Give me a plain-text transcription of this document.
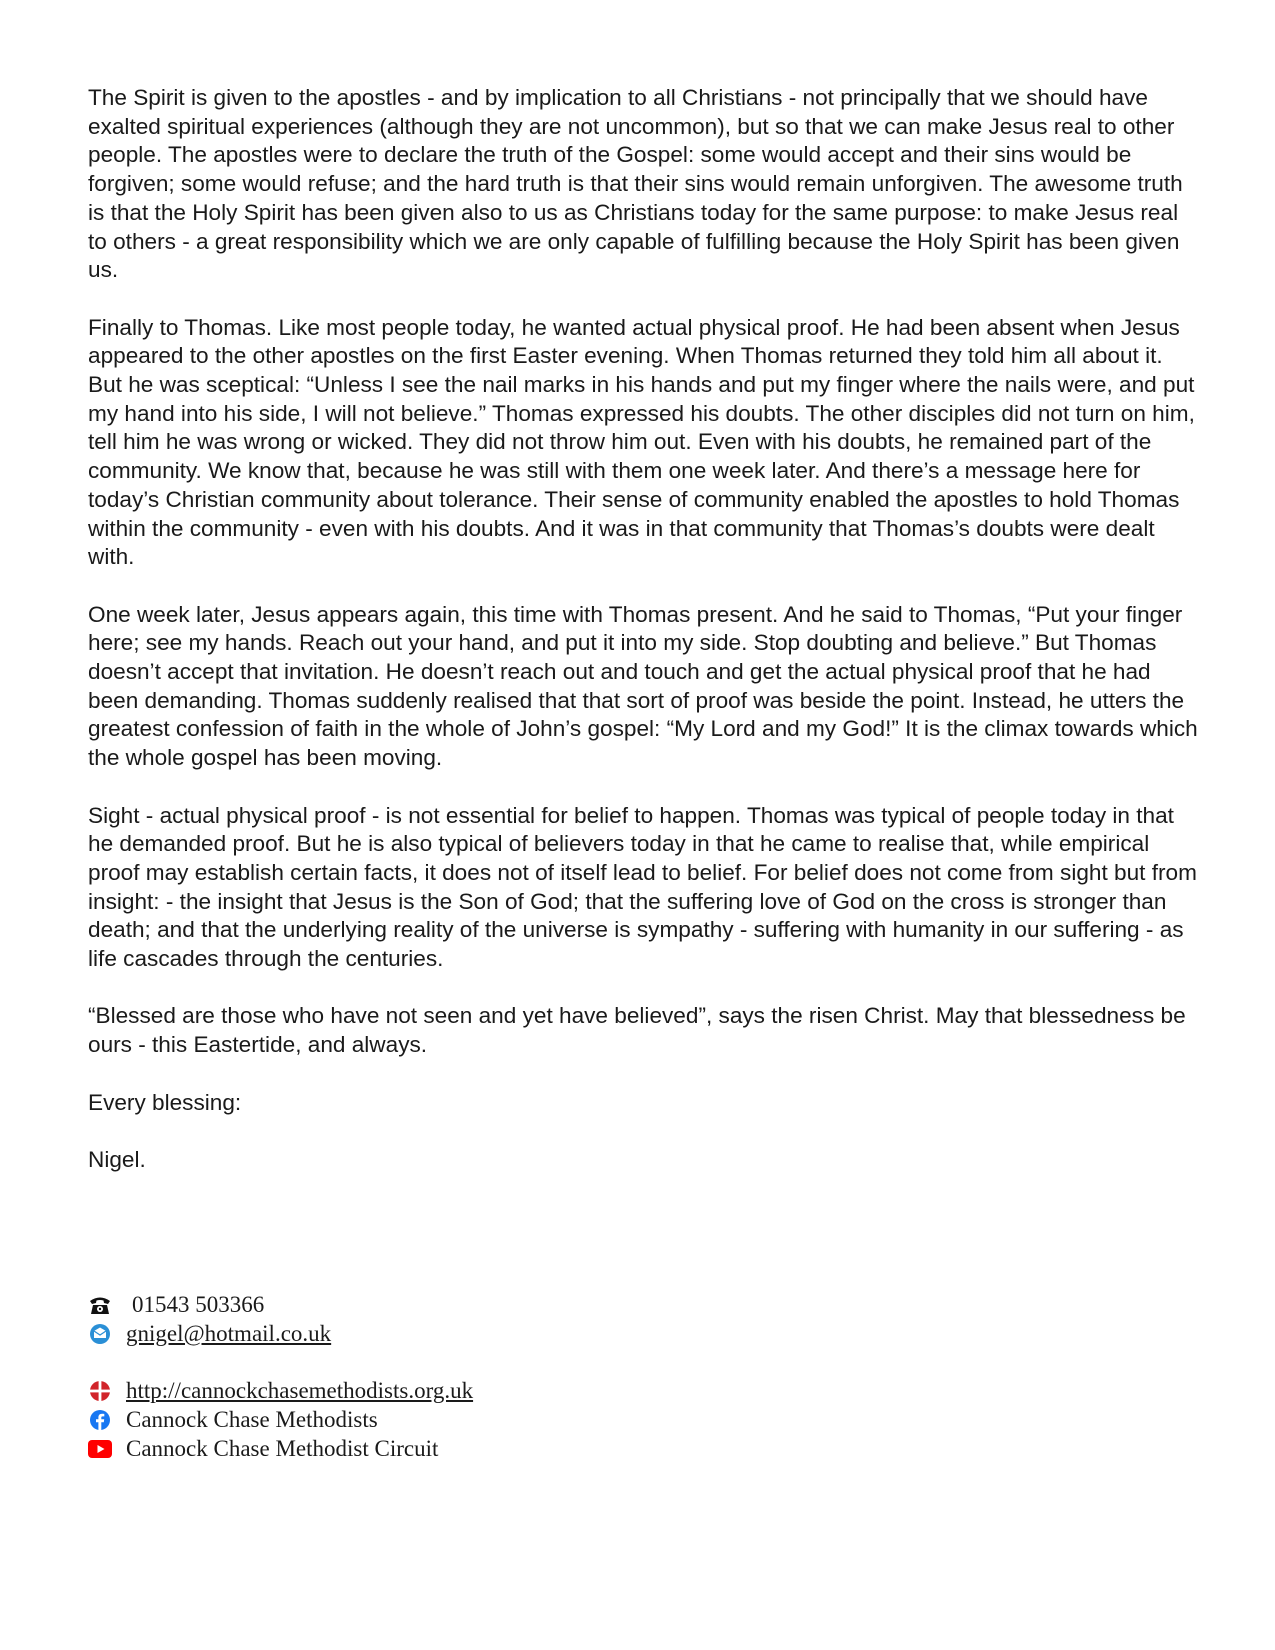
The Spirit is given to the apostles - and by implication to all Christians - not principally that we should have exalted spiritual experiences (although they are not uncommon), but so that we can make Jesus real to other people. The apostles were to declare the truth of the Gospel: some would accept and their sins would be forgiven; some would refuse; and the hard truth is that their sins would remain unforgiven. The awesome truth is that the Holy Spirit has been given also to us as Christians today for the same purpose: to make Jesus real to others - a great responsibility which we are only capable of fulfilling because the Holy Spirit has been given us.

Finally to Thomas. Like most people today, he wanted actual physical proof. He had been absent when Jesus appeared to the other apostles on the first Easter evening. When Thomas returned they told him all about it. But he was sceptical: “Unless I see the nail marks in his hands and put my finger where the nails were, and put my hand into his side, I will not believe.” Thomas expressed his doubts. The other disciples did not turn on him, tell him he was wrong or wicked. They did not throw him out. Even with his doubts, he remained part of the community. We know that, because he was still with them one week later. And there’s a message here for today’s Christian community about tolerance. Their sense of community enabled the apostles to hold Thomas within the community - even with his doubts. And it was in that community that Thomas’s doubts were dealt with.

One week later, Jesus appears again, this time with Thomas present. And he said to Thomas, “Put your finger here; see my hands. Reach out your hand, and put it into my side. Stop doubting and believe.” But Thomas doesn’t accept that invitation. He doesn’t reach out and touch and get the actual physical proof that he had been demanding. Thomas suddenly realised that that sort of proof was beside the point. Instead, he utters the greatest confession of faith in the whole of John’s gospel: “My Lord and my God!” It is the climax towards which the whole gospel has been moving.

Sight - actual physical proof - is not essential for belief to happen. Thomas was typical of people today in that he demanded proof. But he is also typical of believers today in that he came to realise that, while empirical proof may establish certain facts, it does not of itself lead to belief. For belief does not come from sight but from insight: - the insight that Jesus is the Son of God; that the suffering love of God on the cross is stronger than death; and that the underlying reality of the universe is sympathy - suffering with humanity in our suffering - as life cascades through the centuries.

“Blessed are those who have not seen and yet have believed”, says the risen Christ. May that blessedness be ours - this Eastertide, and always.

Every blessing:

Nigel.

01543 503366
gnigel@hotmail.co.uk
http://cannockchasemethodists.org.uk
Cannock Chase Methodists
Cannock Chase Methodist Circuit
